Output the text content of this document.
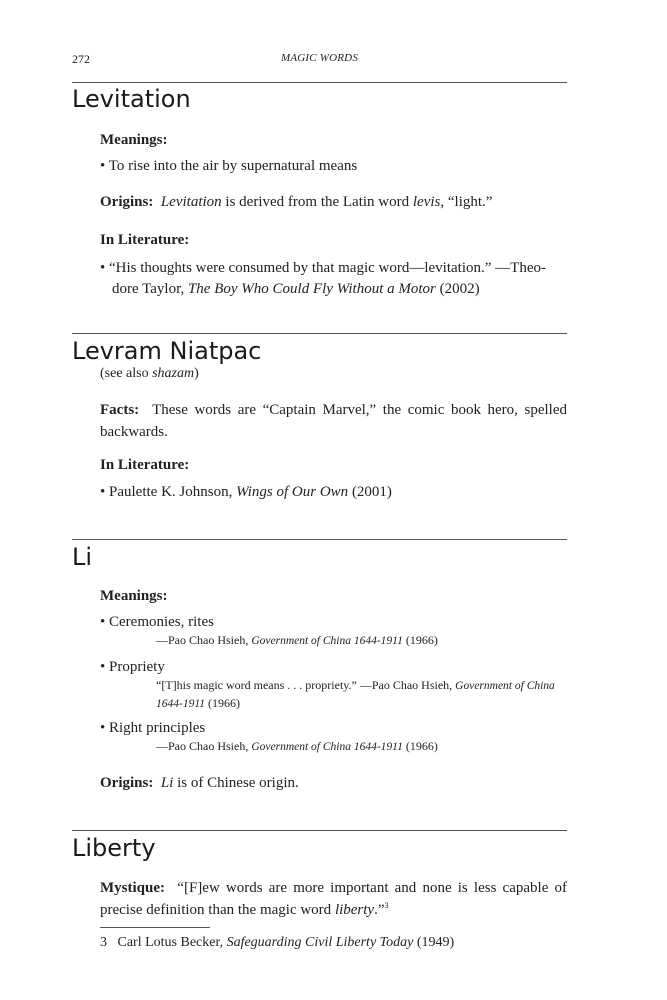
272	MAGIC WORDS
Levitation
Meanings:
• To rise into the air by supernatural means
Origins: Levitation is derived from the Latin word levis, “light.”
In Literature:
• “His thoughts were consumed by that magic word—levitation.” —Theo-dore Taylor, The Boy Who Could Fly Without a Motor (2002)
Levram Niatpac
(see also shazam)
Facts: These words are “Captain Marvel,” the comic book hero, spelled backwards.
In Literature:
• Paulette K. Johnson, Wings of Our Own (2001)
Li
Meanings:
• Ceremonies, rites
—Pao Chao Hsieh, Government of China 1644-1911 (1966)
• Propriety
“[T]his magic word means . . . propriety.” —Pao Chao Hsieh, Government of China 1644-1911 (1966)
• Right principles
—Pao Chao Hsieh, Government of China 1644-1911 (1966)
Origins: Li is of Chinese origin.
Liberty
Mystique: “[F]ew words are more important and none is less capable of precise definition than the magic word liberty.”$^3$
3 Carl Lotus Becker, Safeguarding Civil Liberty Today (1949)
